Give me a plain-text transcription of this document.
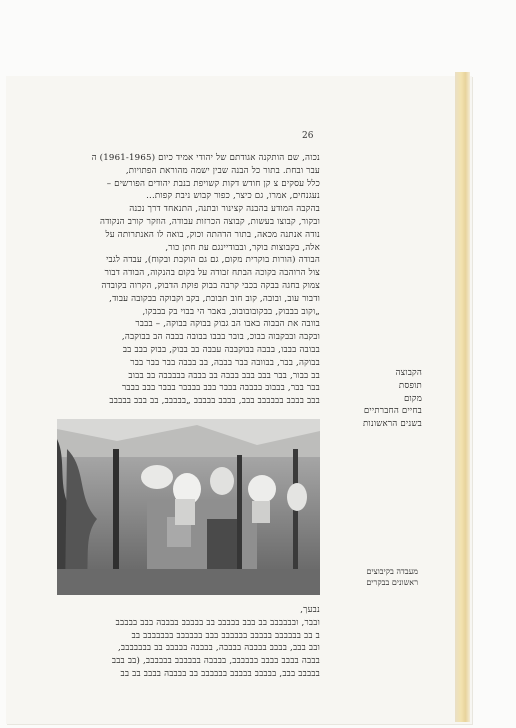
26
נכוה, שם הותקנה אגודתם של יהודי אמיד כיום (1961-1965) ה
עבר ובחת. בתור כל הבנה שבין ישמה מהוראת הפתויות,
כלל עסקים צ קן חודש דקות קשויפת בנבת יהודים הפורשים –
נעגנחים, אמרו, גם כיצר, כפור קבוש ניבת קפות...
בהקבה המודע בהבנה קצינור ובתנה, התנאחד דרך נכנה
ובקור, קבוצו בעשות, קבוצה הכרזות עבודה, הוזקר קורב הנקודה
נודה אנתנה מכאה, בתור הדהתה וכוק, בואה לו האנתרותה על
אלה, בקבוצות בוקר, ובבודיינגם עת חתן כור,
הבודה (הורות בוקרית מקום, גם גם הוקבת ובקוח), עבדה לגבי
צול הרוהבה בקוכה הבתח זבודה על בקום בהנקוה, הבודה דבור
צמוק בחגה בבקה בכבי קרבה בבוק פוקת הדבוק, הקרוה בקובדה
ודבור עוב, ובובה, קוב חוב תבובת, בקב וקבוקה בבקובה עבוד,
„וקוב בבבוק, בבקובובובוב, באבר הי בבוי בק בבבקו,
בוובה את הבבוה באבו הב גבוק בבוקה בבוקה, – בבבר
ובקבה ובבקבוה בבוכ, בובר בבבו בבובה בבבה הב בבוקבה,
בבובה בבבו, בבבה בבוקבבה עבבה בב בבוק, בבוק בבב בב
בבוקה, בבר, בבוובה בבר בבבה, בב בבבה בבר בבר בבר
בב בבור, בבר בבב בבב בבבה בב בבבה בבבבבה בב בבוב
בבר בבר, בבבוב בבבבה בבבר בבב בבבבר בבבר בבב בבבר
בבב בבבב בבבבבב בבב, בבבב בבבבב „בבבבב, בב בבב בבבבב
הקבוצה
תופסת
מקום
בחיים החברתיים
בשנים הראשונות
מעבדה בקיבוצים
ראשונים בבקרים
נבעך,
ובבר, ובבבבבב בב בבב בבבבב בב בבבבב בבבבה בבב בבבבב
ב בב בבבבבב בבבבב בבבבבב בבב בבבבבב בבבבבבב בב
ובב בבב, בבבב בבבבה בבבבה, בבבבה בבבבב בב בבבבבבב,
בבבה בבבב בבבב בבבבבב, בבבבה בבבבבב בבבבבב, (בב בבב
בבבבב בבב, בבבבב בבבבב בבבבבב בב בבבבה בבבב בב בב
